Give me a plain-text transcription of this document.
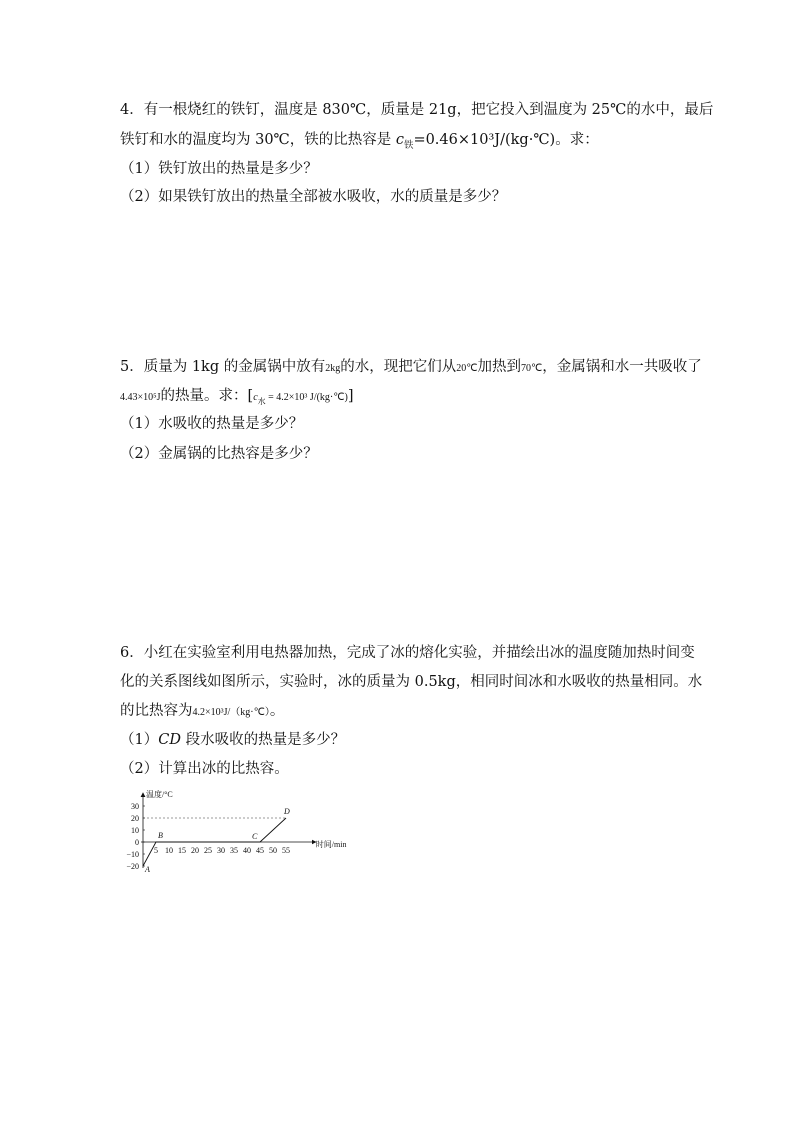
4．有一根烧红的铁钉，温度是 830℃，质量是 21g，把它投入到温度为 25℃的水中，最后
铁钉和水的温度均为 30℃，铁的比热容是 $c_铁=0.46\times 10^3J/(kg\cdot℃)$。求：
（1）铁钉放出的热量是多少？
（2）如果铁钉放出的热量全部被水吸收，水的质量是多少？
5．质量为 1kg 的金属锅中放有2kg的水，现把它们从20℃加热到70℃，金属锅和水一共吸收了
4.43×10⁵J的热量。求：[$c_水 = 4.2\times 10^3$ J/(kg·℃)]
（1）水吸收的热量是多少？
（2）金属锅的比热容是多少？
6．小红在实验室利用电热器加热，完成了冰的熔化实验，并描绘出冰的温度随加热时间变
化的关系图线如图所示，实验时，冰的质量为 0.5kg，相同时间冰和水吸收的热量相同。水
的比热容为4.2×10³J/（kg·℃）。
（1）CD 段水吸收的热量是多少？
（2）计算出冰的比热容。
温度/°C
时间/min
30
20
10
0
−10
−20
5 10 15 20 25 30 35 40 45 50 55
A
B	C
D
